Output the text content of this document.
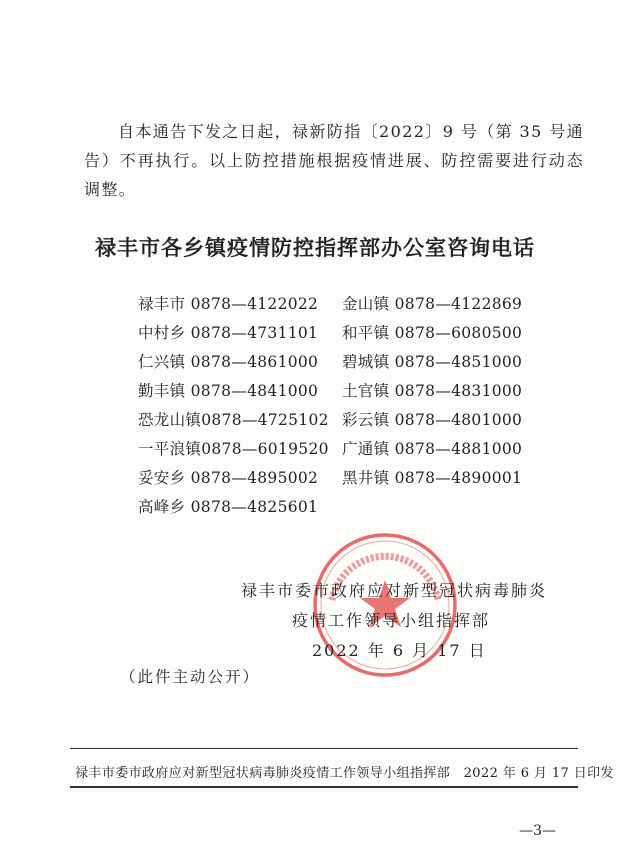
自本通告下发之日起，禄新防指〔2022〕9 号（第 35 号通告）不再执行。以上防控措施根据疫情进展、防控需要进行动态调整。
禄丰市各乡镇疫情防控指挥部办公室咨询电话
禄丰市 0878—4122022	金山镇 0878—4122869
中村乡 0878—4731101	和平镇 0878—6080500
仁兴镇 0878—4861000	碧城镇 0878—4851000
勤丰镇 0878—4841000	土官镇 0878—4831000
恐龙山镇0878—4725102 彩云镇 0878—4801000
一平浪镇0878—6019520 广通镇 0878—4881000
妥安乡 0878—4895002	黑井镇 0878—4890001
高峰乡 0878—4825601
禄丰市委市政府应对新型冠状病毒肺炎
疫情工作领导小组指挥部
2022 年 6 月 17 日
（此件主动公开）
禄丰市委市政府应对新型冠状病毒肺炎疫情工作领导小组指挥部　2022 年 6 月 17 日印发
—3—
